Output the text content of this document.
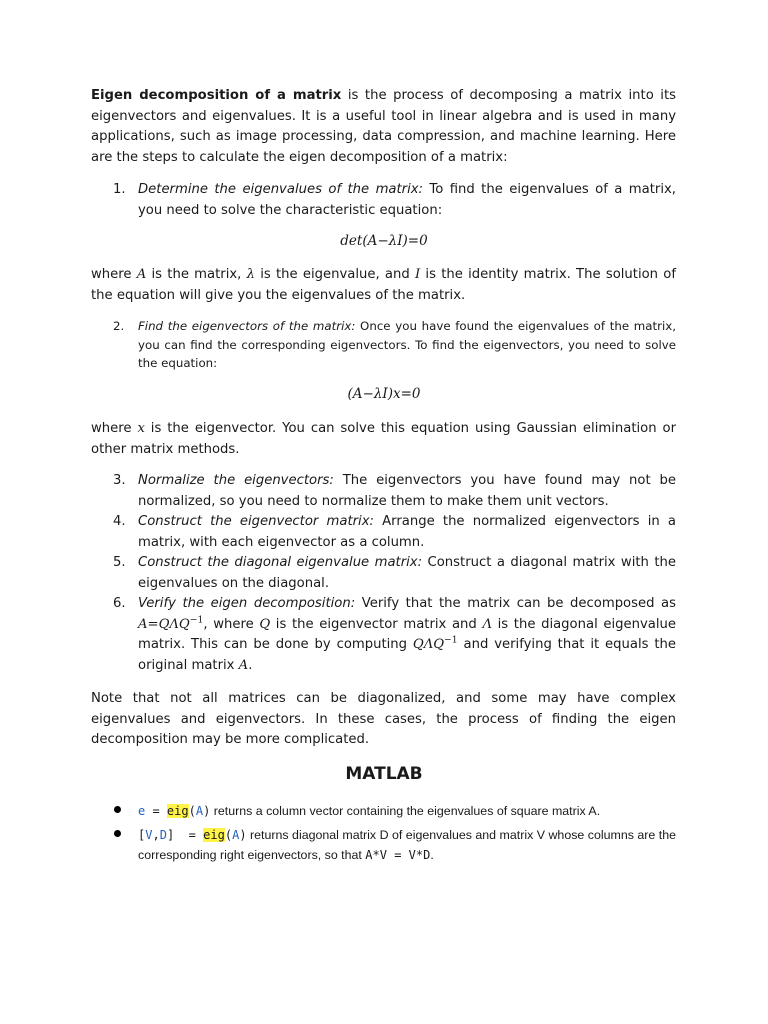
Eigen decomposition of a matrix is the process of decomposing a matrix into its eigenvectors and eigenvalues. It is a useful tool in linear algebra and is used in many applications, such as image processing, data compression, and machine learning. Here are the steps to calculate the eigen decomposition of a matrix:
1. Determine the eigenvalues of the matrix: To find the eigenvalues of a matrix, you need to solve the characteristic equation:
det(A−λI)=0
where A is the matrix, λ is the eigenvalue, and I is the identity matrix. The solution of the equation will give you the eigenvalues of the matrix.
2. Find the eigenvectors of the matrix: Once you have found the eigenvalues of the matrix, you can find the corresponding eigenvectors. To find the eigenvectors, you need to solve the equation:
(A−λI)x=0
where x is the eigenvector. You can solve this equation using Gaussian elimination or other matrix methods.
3. Normalize the eigenvectors: The eigenvectors you have found may not be normalized, so you need to normalize them to make them unit vectors.
4. Construct the eigenvector matrix: Arrange the normalized eigenvectors in a matrix, with each eigenvector as a column.
5. Construct the diagonal eigenvalue matrix: Construct a diagonal matrix with the eigenvalues on the diagonal.
6. Verify the eigen decomposition: Verify that the matrix can be decomposed as $A=Q\Lambda Q^{-1}$, where Q is the eigenvector matrix and Λ is the diagonal eigenvalue matrix. This can be done by computing $Q\Lambda Q^{-1}$ and verifying that it equals the original matrix A.
Note that not all matrices can be diagonalized, and some may have complex eigenvalues and eigenvectors. In these cases, the process of finding the eigen decomposition may be more complicated.
MATLAB
e = eig(A) returns a column vector containing the eigenvalues of square matrix A.
[V,D]  = eig(A) returns diagonal matrix D of eigenvalues and matrix V whose columns are the corresponding right eigenvectors, so that A*V = V*D.
